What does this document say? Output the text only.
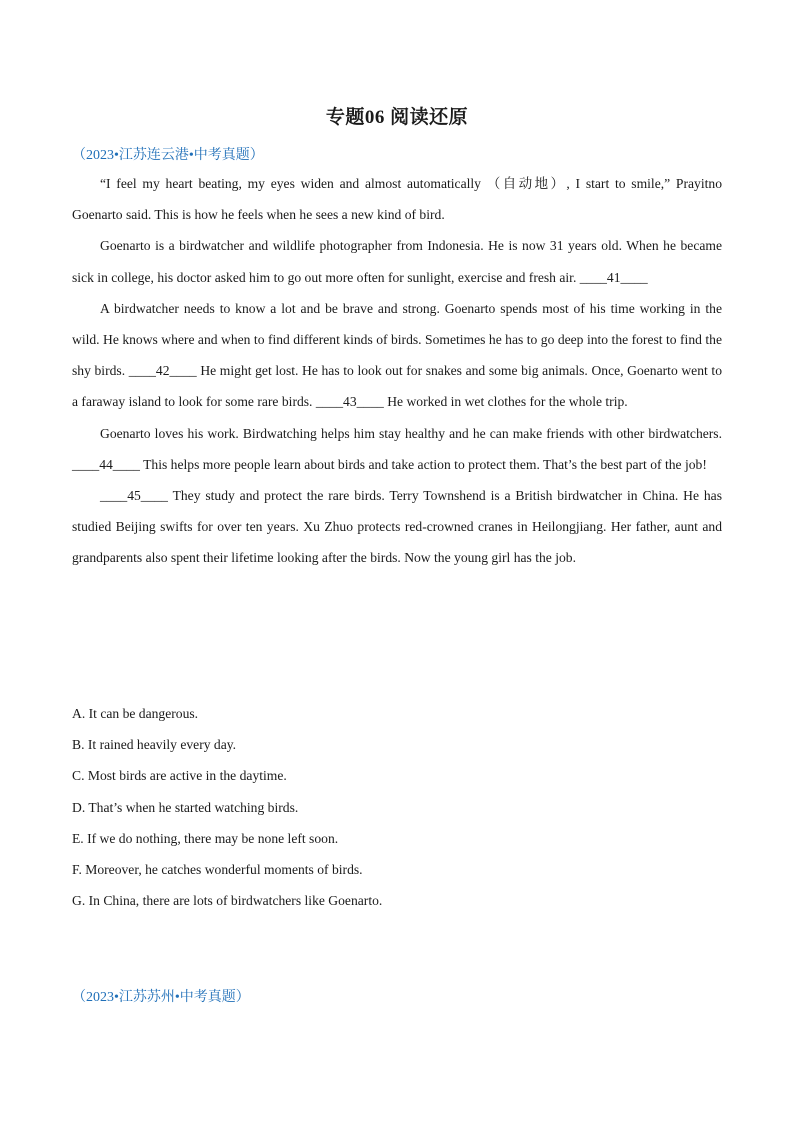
专题06 阅读还原
（2023•江苏连云港•中考真题）

“I feel my heart beating, my eyes widen and almost automatically （自动地）, I start to smile,” Prayitno Goenarto said. This is how he feels when he sees a new kind of bird.

Goenarto is a birdwatcher and wildlife photographer from Indonesia. He is now 31 years old. When he became sick in college, his doctor asked him to go out more often for sunlight, exercise and fresh air. ____41____

A birdwatcher needs to know a lot and be brave and strong. Goenarto spends most of his time working in the wild. He knows where and when to find different kinds of birds. Sometimes he has to go deep into the forest to find the shy birds. ____42____ He might get lost. He has to look out for snakes and some big animals. Once, Goenarto went to a faraway island to look for some rare birds. ____43____ He worked in wet clothes for the whole trip.

Goenarto loves his work. Birdwatching helps him stay healthy and he can make friends with other birdwatchers. ____44____ This helps more people learn about birds and take action to protect them. That’s the best part of the job!

____45____ They study and protect the rare birds. Terry Townshend is a British birdwatcher in China. He has studied Beijing swifts for over ten years. Xu Zhuo protects red-crowned cranes in Heilongjiang. Her father, aunt and grandparents also spent their lifetime looking after the birds. Now the young girl has the job.

A. It can be dangerous.
B. It rained heavily every day.
C. Most birds are active in the daytime.
D. That’s when he started watching birds.
E. If we do nothing, there may be none left soon.
F. Moreover, he catches wonderful moments of birds.
G. In China, there are lots of birdwatchers like Goenarto.
（2023•江苏苏州•中考真题）
